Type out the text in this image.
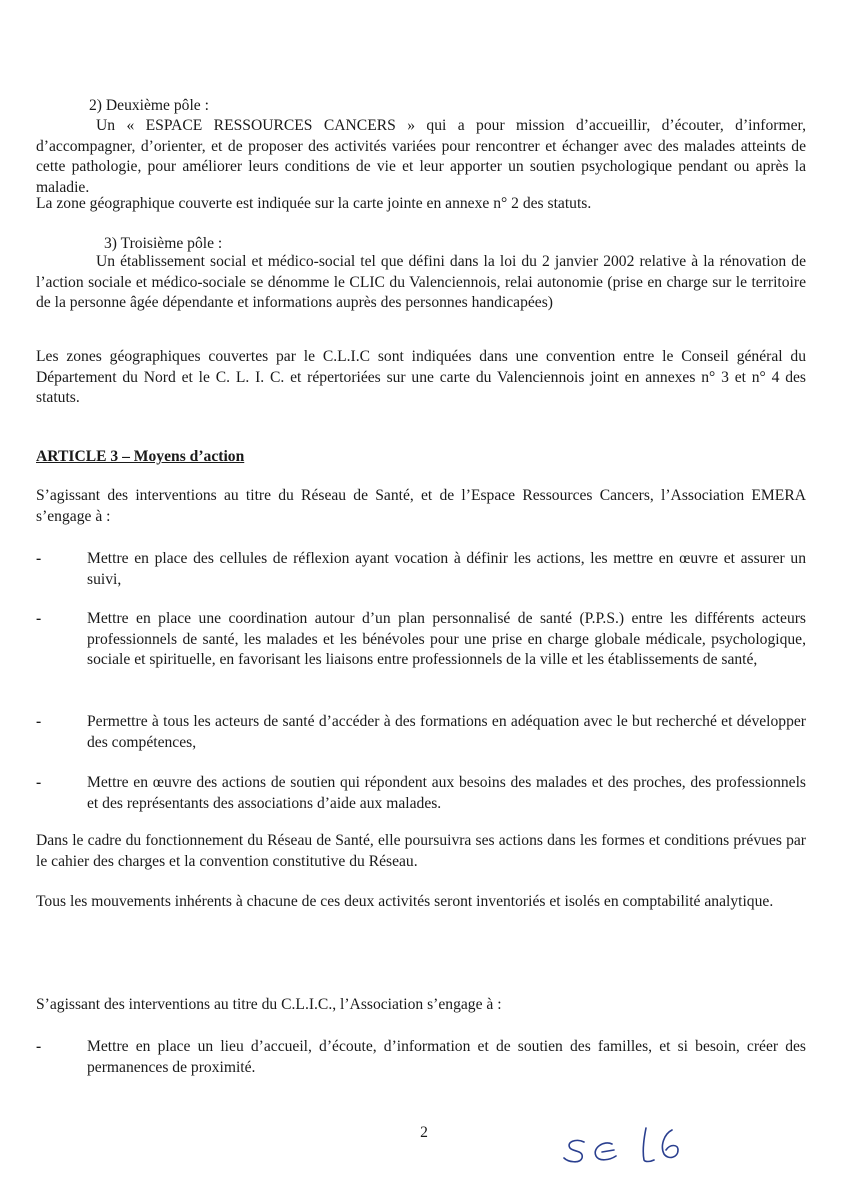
2) Deuxième pôle :

Un « ESPACE RESSOURCES CANCERS » qui a pour mission d’accueillir, d’écouter, d’informer, d’accompagner, d’orienter, et de proposer des activités variées pour rencontrer et échanger avec des malades atteints de cette pathologie, pour améliorer leurs conditions de vie et leur apporter un soutien psychologique pendant ou après la maladie.

La zone géographique couverte est indiquée sur la carte jointe en annexe n° 2 des statuts.

3) Troisième pôle :

Un établissement social et médico-social tel que défini dans la loi du 2 janvier 2002 relative à la rénovation de l’action sociale et médico-sociale se dénomme le CLIC du Valenciennois, relai autonomie (prise en charge sur le territoire de la personne âgée dépendante et informations auprès des personnes handicapées)

Les zones géographiques couvertes par le C.L.I.C sont indiquées dans une convention entre le Conseil général du Département du Nord et le C. L. I. C. et répertoriées sur une carte du Valenciennois joint en annexes n° 3 et n° 4 des statuts.

ARTICLE 3 – Moyens d’action

S’agissant des interventions au titre du Réseau de Santé, et de l’Espace Ressources Cancers, l’Association EMERA s’engage à :

-	Mettre en place des cellules de réflexion ayant vocation à définir les actions, les mettre en œuvre et assurer un suivi,
-	Mettre en place une coordination autour d’un plan personnalisé de santé (P.P.S.) entre les différents acteurs professionnels de santé, les malades et les bénévoles pour une prise en charge globale médicale, psychologique, sociale et spirituelle, en favorisant les liaisons entre professionnels de la ville et les établissements de santé,
-	Permettre à tous les acteurs de santé d’accéder à des formations en adéquation avec le but recherché et développer des compétences,
-	Mettre en œuvre des actions de soutien qui répondent aux besoins des malades et des proches, des professionnels et des représentants des associations d’aide aux malades.

Dans le cadre du fonctionnement du Réseau de Santé, elle poursuivra ses actions dans les formes et conditions prévues par le cahier des charges et la convention constitutive du Réseau.

Tous les mouvements inhérents à chacune de ces deux activités seront inventoriés et isolés en comptabilité analytique.

S’agissant des interventions au titre du C.L.I.C., l’Association s’engage à :

-	Mettre en place un lieu d’accueil, d’écoute, d’information et de soutien des familles, et si besoin, créer des permanences de proximité.
2
